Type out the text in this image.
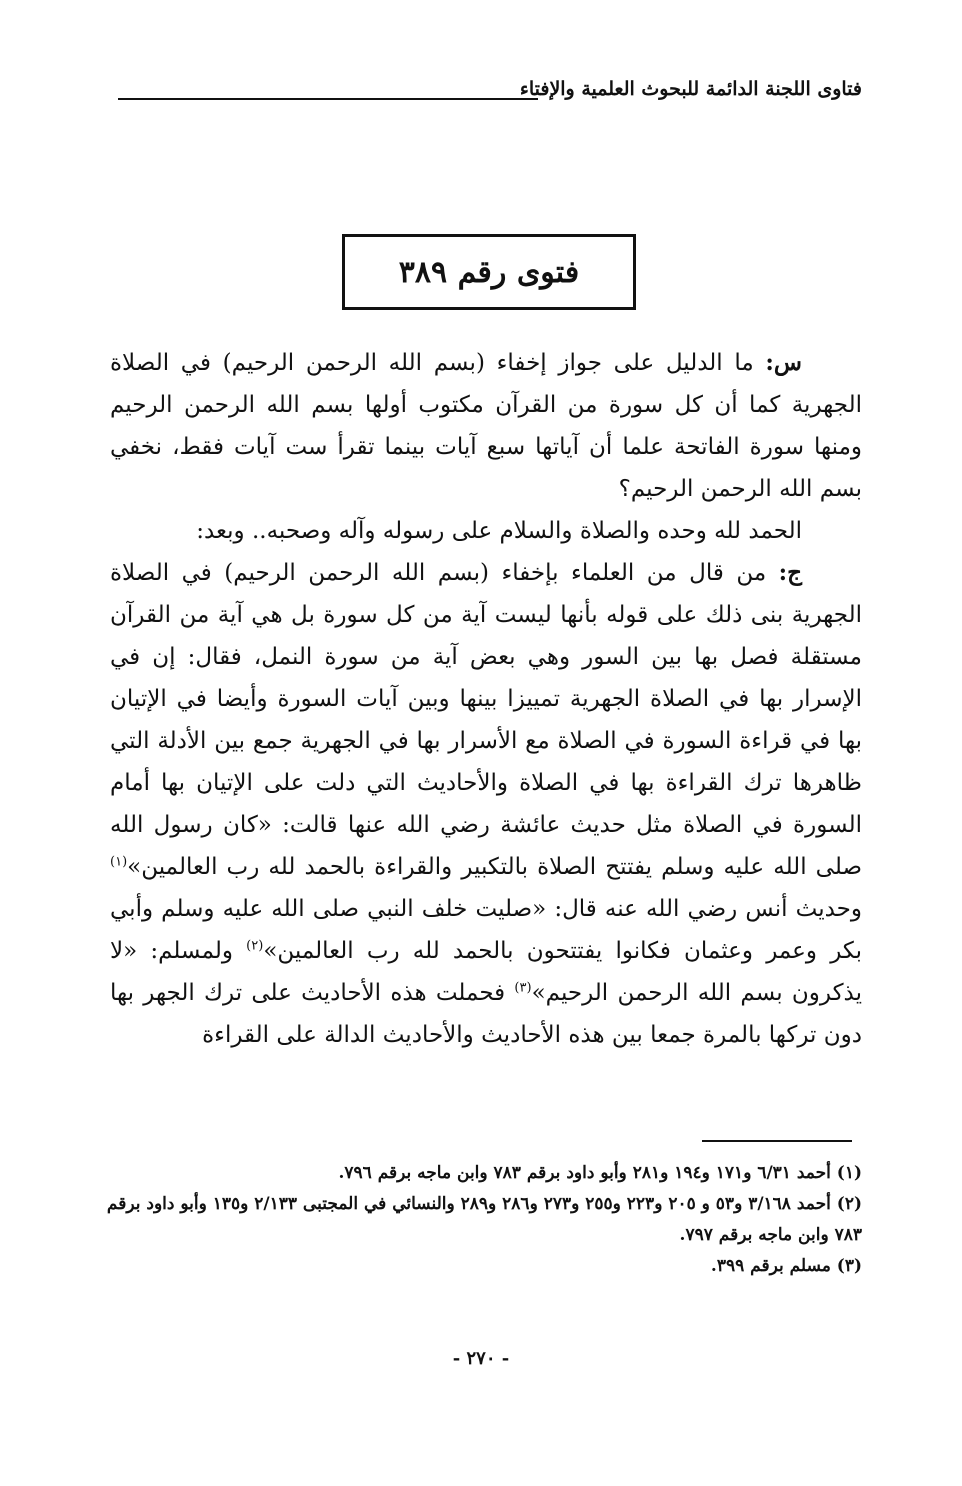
فتاوى اللجنة الدائمة للبحوث العلمية والإفتاء
فتوى رقم ٣٨٩

س: ما الدليل على جواز إخفاء (بسم الله الرحمن الرحيم) في الصلاة الجهرية كما أن كل سورة من القرآن مكتوب أولها بسم الله الرحمن الرحيم ومنها سورة الفاتحة علما أن آياتها سبع آيات بينما تقرأ ست آيات فقط، نخفي بسم الله الرحمن الرحيم؟

الحمد لله وحده والصلاة والسلام على رسوله وآله وصحبه.. وبعد:

ج: من قال من العلماء بإخفاء (بسم الله الرحمن الرحيم) في الصلاة الجهرية بنى ذلك على قوله بأنها ليست آية من كل سورة بل هي آية من القرآن مستقلة فصل بها بين السور وهي بعض آية من سورة النمل، فقال: إن في الإسرار بها في الصلاة الجهرية تمييزا بينها وبين آيات السورة وأيضا في الإتيان بها في قراءة السورة في الصلاة مع الأسرار بها في الجهرية جمع بين الأدلة التي ظاهرها ترك القراءة بها في الصلاة والأحاديث التي دلت على الإتيان بها أمام السورة في الصلاة مثل حديث عائشة رضي الله عنها قالت: «كان رسول الله صلى الله عليه وسلم يفتتح الصلاة بالتكبير والقراءة بالحمد لله رب العالمين»$^{(١)}$ وحديث أنس رضي الله عنه قال: «صليت خلف النبي صلى الله عليه وسلم وأبي بكر وعمر وعثمان فكانوا يفتتحون بالحمد لله رب العالمين»$^{(٢)}$ ولمسلم: «لا يذكرون بسم الله الرحمن الرحيم»$^{(٣)}$ فحملت هذه الأحاديث على ترك الجهر بها دون تركها بالمرة جمعا بين هذه الأحاديث والأحاديث الدالة على القراءة

(١) أحمد ٦/٣١ و١٧١ و١٩٤ و٢٨١ وأبو داود برقم ٧٨٣ وابن ماجه برقم ٧٩٦.
(٢) أحمد ٣/١٦٨ و٥٣ و ٢٠٥ و٢٢٣ و٢٥٥ و٢٧٣ و٢٨٦ و٢٨٩ والنسائي في المجتبى ٢/١٣٣ و١٣٥ وأبو داود برقم ٧٨٣ وابن ماجه برقم ٧٩٧.
(٣) مسلم برقم ٣٩٩.
- ٢٧٠ -
